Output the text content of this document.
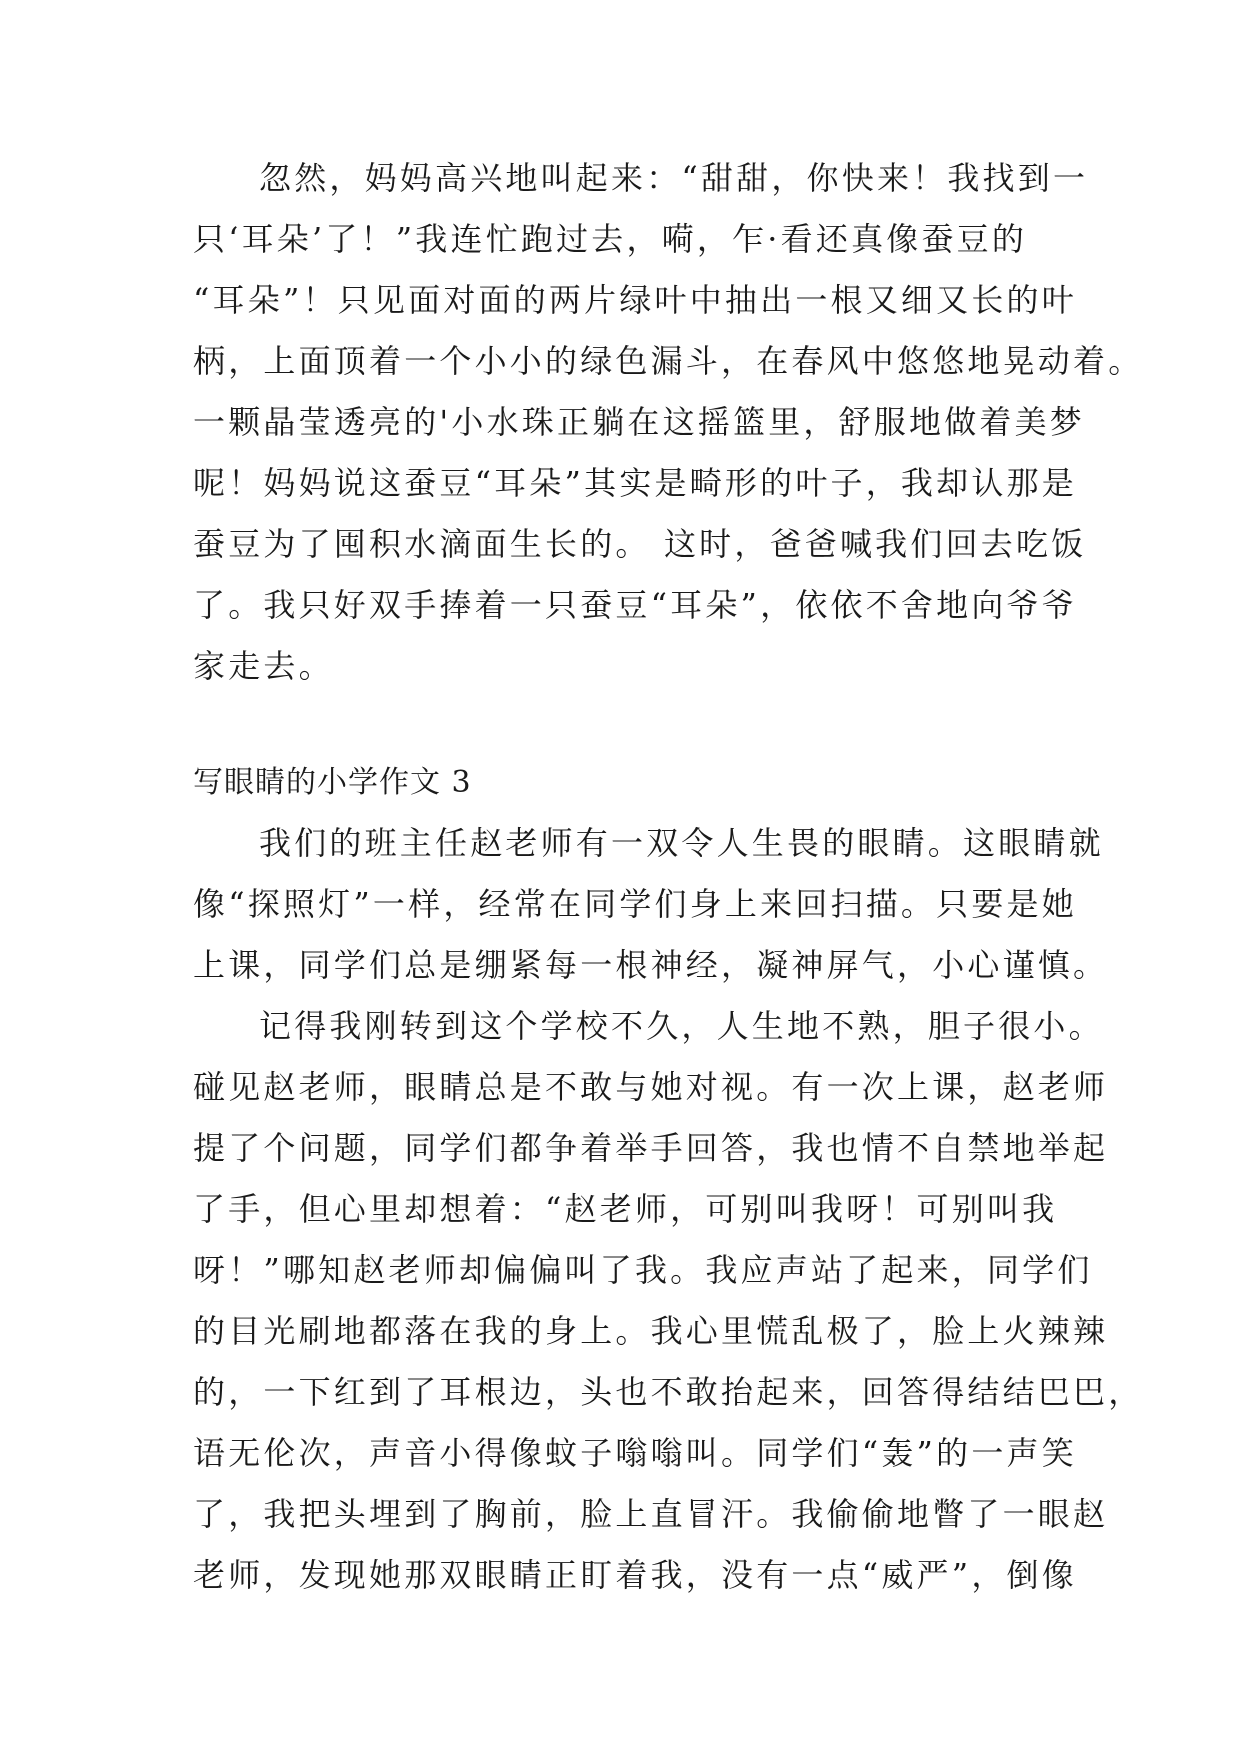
忽然，妈妈高兴地叫起来：“甜甜，你快来！我找到一
只‘耳朵’了！”我连忙跑过去，嗬，乍·看还真像蚕豆的
“耳朵”！只见面对面的两片绿叶中抽出一根又细又长的叶
柄，上面顶着一个小小的绿色漏斗，在春风中悠悠地晃动着。
一颗晶莹透亮的'小水珠正躺在这摇篮里，舒服地做着美梦
呢！妈妈说这蚕豆“耳朵”其实是畸形的叶子，我却认那是
蚕豆为了囤积水滴面生长的。 这时，爸爸喊我们回去吃饭
了。我只好双手捧着一只蚕豆“耳朵”，依依不舍地向爷爷
家走去。
写眼睛的小学作文 3
我们的班主任赵老师有一双令人生畏的眼睛。这眼睛就
像“探照灯”一样，经常在同学们身上来回扫描。只要是她
上课，同学们总是绷紧每一根神经，凝神屏气，小心谨慎。
记得我刚转到这个学校不久，人生地不熟，胆子很小。
碰见赵老师，眼睛总是不敢与她对视。有一次上课，赵老师
提了个问题，同学们都争着举手回答，我也情不自禁地举起
了手，但心里却想着：“赵老师，可别叫我呀！可别叫我
呀！”哪知赵老师却偏偏叫了我。我应声站了起来，同学们
的目光刷地都落在我的身上。我心里慌乱极了，脸上火辣辣
的，一下红到了耳根边，头也不敢抬起来，回答得结结巴巴，
语无伦次，声音小得像蚊子嗡嗡叫。同学们“轰”的一声笑
了，我把头埋到了胸前，脸上直冒汗。我偷偷地瞥了一眼赵
老师，发现她那双眼睛正盯着我，没有一点“威严”，倒像
